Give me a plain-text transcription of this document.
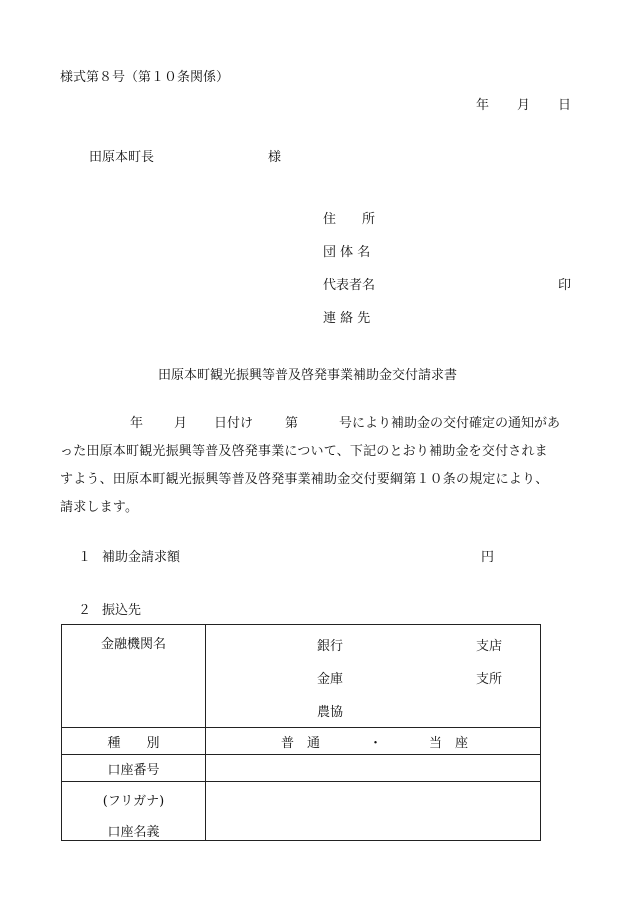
様式第８号（第１０条関係）
年 月 日
田原本町長	様
住　　所
団 体 名
代表者名	印
連 絡 先
田原本町観光振興等普及啓発事業補助金交付請求書
年 月 日付け 第	号により補助金の交付確定の通知があ
った田原本町観光振興等普及啓発事業について、下記のとおり補助金を交付されま
すよう、田原本町観光振興等普及啓発事業補助金交付要綱第１０条の規定により、
請求します。
１ 補助金請求額	円
２ 振込先
金融機関名	銀行 支店
金庫 支所
農協

種　　別	普　通 ・ 当　座

口座番号	

(フリガナ)
口座名義	
